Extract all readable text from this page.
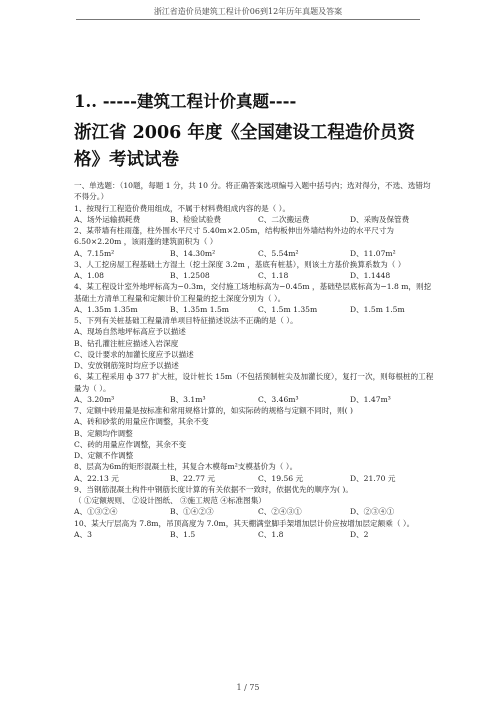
浙江省造价员建筑工程计价06到12年历年真题及答案
1.. -----建筑工程计价真题----
浙江省 2006 年度《全国建设工程造价员资格》考试试卷
一、单选题：（10题，每题 1 分，共 10 分。将正确答案选项编号入题中括号内；选对得分，不选、选错均不得分。）
1、按现行工程造价费用组成，不属于材料费组成内容的是（ ）。
A、场外运输损耗费	B、检验试验费	C、二次搬运费	D、采购及保管费
2、某带墙有柱雨蓬，柱外围水平尺寸 5.40m×2.05m，结构板伸出外墙结构外边的水平尺寸为 6.50×2.20m ，该雨蓬的建筑面积为（ ）
A、7.15m²	B、14.30m²	C、5.54m²	D、11.07m²
3、人工挖房屋工程基础土方湿土（挖土深度 3.2m ，基底有桩基），则该土方基价换算系数为（ ）
A、1.08	B、1.2508	C、1.18	D、1.1448
4、某工程设计室外地坪标高为−0.3m，交付施工场地标高为−0.45m ，基础垫层底标高为−1.8 m，则挖基础土方清单工程量和定额计价工程量的挖土深度分别为（ ）。
A、1.35m 1.35m	B、1.35m 1.5m	C、1.5m 1.35m	D、1.5m 1.5m
5、下列有关桩基础工程量清单项目特征描述说法不正确的是（ ）。
A、现场自然地坪标高应予以描述
B、钻孔灌注桩应描述入岩深度
C、设计要求的加灌长度应予以描述
D、安放钢筋笼时均应予以描述
6、某工程采用 ф 377 扩大桩，设计桩长 15m（不包括预制桩尖及加灌长度），复打一次，则每根桩的工程量为（ ）。
A、3.20m³	B、3.1m³	C、3.46m³	D、1.47m³
7、定额中砖用量是按标准和常用规格计算的，如实际砖的规格与定额不同时，则( )
A、砖和砂浆的用量应作调整，其余不变
B、定额均作调整
C、砖的用量应作调整，其余不变
D、定额不作调整
8、层高为6m的矩形混凝土柱，其复合木模每m²支模基价为（ ）。
A、22.13 元	B、22.77 元	C、19.56 元	D、21.70 元
9、当钢筋混凝土构件中钢筋长度计算的有关依据不一致时，依据优先的顺序为( )。
（ ①定额规则、 ②设计图纸、 ③施工规范 ④标准图集）
A、①③②④	B、①④②③	C、②④③①	D、②③④①
10、某大厅层高为 7.8m，吊顶高度为 7.0m，其天棚满堂脚手架增加层计价应按增加层定额乘（ ）。
A、3	B、1.5	C、1.8	D、2
1 / 75
